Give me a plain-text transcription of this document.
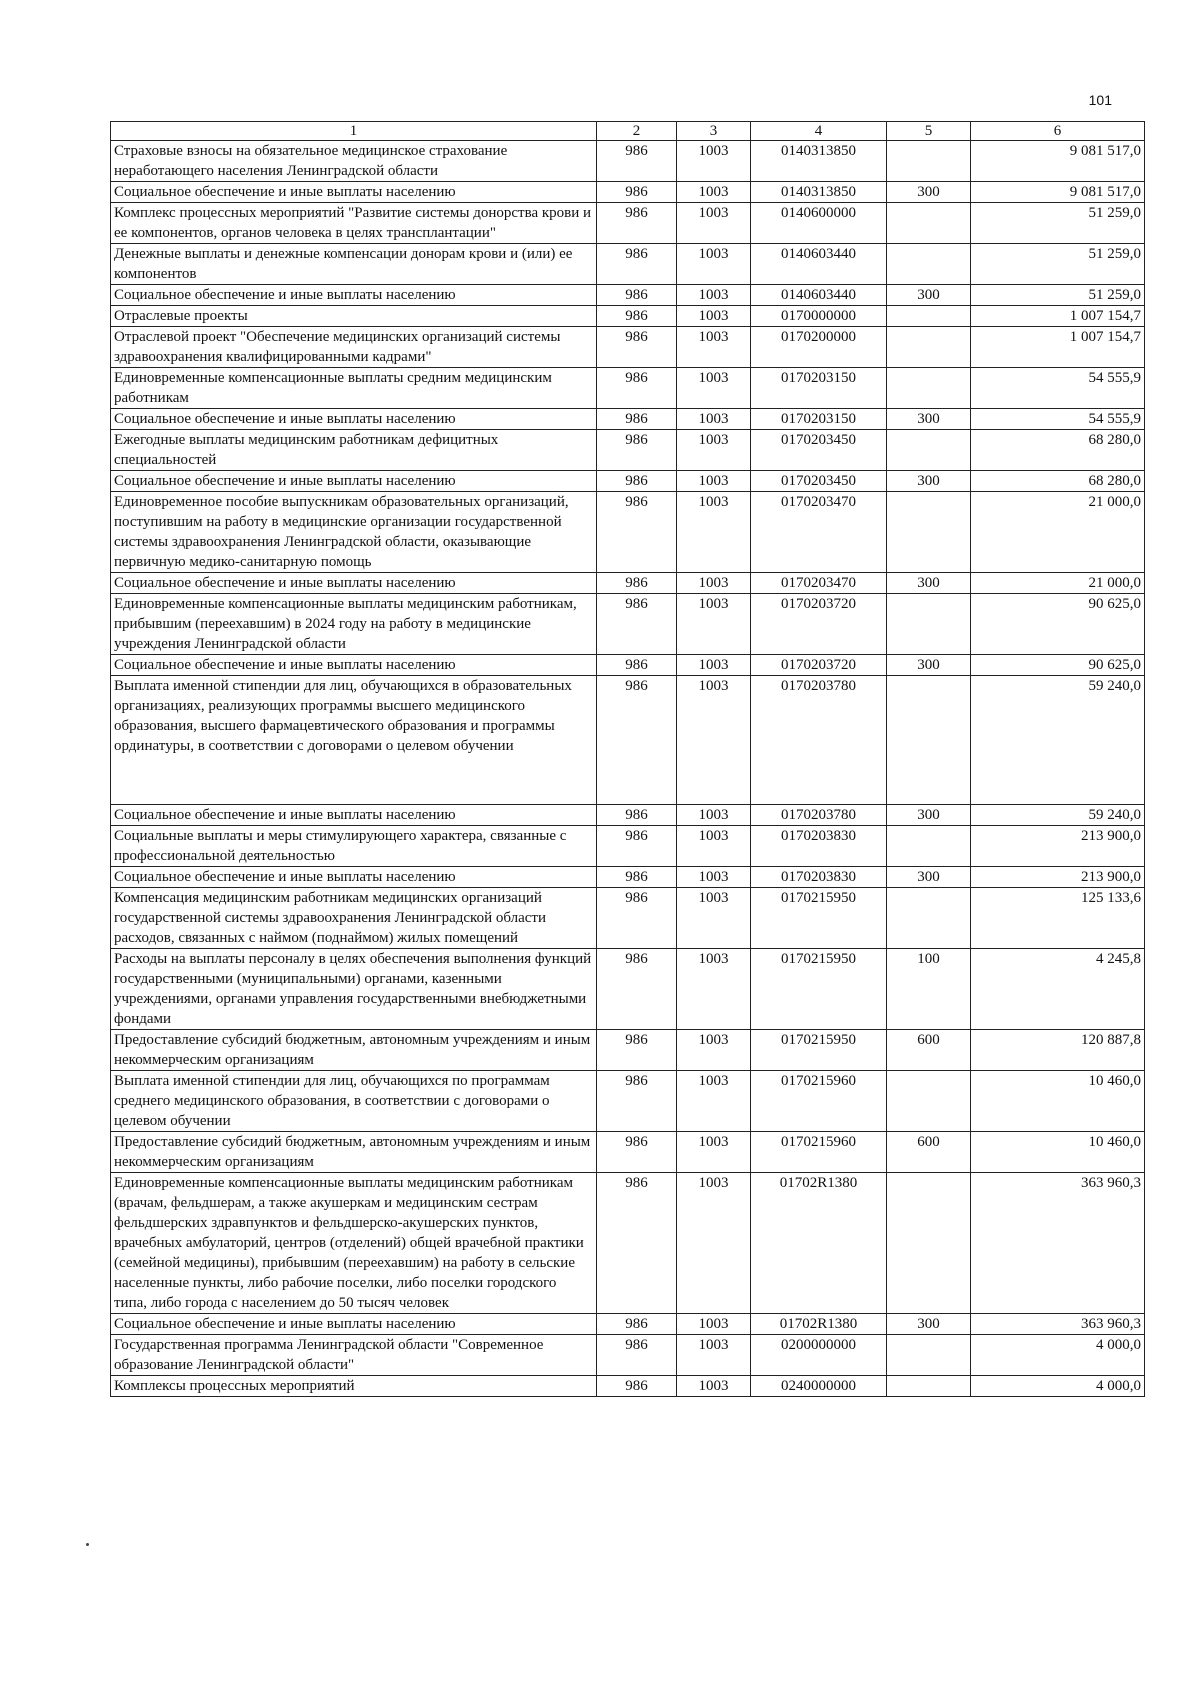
101
1	2	3	4	5	6
Страховые взносы на обязательное медицинское страхование неработающего населения Ленинградской области	986	1003	0140313850		9 081 517,0
Социальное обеспечение и иные выплаты населению	986	1003	0140313850	300	9 081 517,0
Комплекс процессных мероприятий "Развитие системы донорства крови и ее компонентов, органов человека в целях трансплантации"	986	1003	0140600000		51 259,0
Денежные выплаты и денежные компенсации донорам крови и (или) ее компонентов	986	1003	0140603440		51 259,0
Социальное обеспечение и иные выплаты населению	986	1003	0140603440	300	51 259,0
Отраслевые проекты	986	1003	0170000000		1 007 154,7
Отраслевой проект "Обеспечение медицинских организаций системы здравоохранения квалифицированными кадрами"	986	1003	0170200000		1 007 154,7
Единовременные компенсационные выплаты средним медицинским работникам	986	1003	0170203150		54 555,9
Социальное обеспечение и иные выплаты населению	986	1003	0170203150	300	54 555,9
Ежегодные выплаты медицинским работникам дефицитных специальностей	986	1003	0170203450		68 280,0
Социальное обеспечение и иные выплаты населению	986	1003	0170203450	300	68 280,0
Единовременное пособие выпускникам образовательных организаций, поступившим на работу в медицинские организации государственной системы здравоохранения Ленинградской области, оказывающие первичную медико-санитарную помощь	986	1003	0170203470		21 000,0
Социальное обеспечение и иные выплаты населению	986	1003	0170203470	300	21 000,0
Единовременные компенсационные выплаты медицинским работникам, прибывшим (переехавшим) в 2024 году на работу в медицинские учреждения Ленинградской области	986	1003	0170203720		90 625,0
Социальное обеспечение и иные выплаты населению	986	1003	0170203720	300	90 625,0
Выплата именной стипендии для лиц, обучающихся в образовательных организациях, реализующих программы высшего медицинского образования, высшего фармацевтического образования и программы ординатуры, в соответствии с договорами о целевом обучении	986	1003	0170203780		59 240,0
Социальное обеспечение и иные выплаты населению	986	1003	0170203780	300	59 240,0
Социальные выплаты и меры стимулирующего характера, связанные с профессиональной деятельностью	986	1003	0170203830		213 900,0
Социальное обеспечение и иные выплаты населению	986	1003	0170203830	300	213 900,0
Компенсация медицинским работникам медицинских организаций государственной системы здравоохранения Ленинградской области расходов, связанных с наймом (поднаймом) жилых помещений	986	1003	0170215950		125 133,6
Расходы на выплаты персоналу в целях обеспечения выполнения функций государственными (муниципальными) органами, казенными учреждениями, органами управления государственными внебюджетными фондами	986	1003	0170215950	100	4 245,8
Предоставление субсидий бюджетным, автономным учреждениям и иным некоммерческим организациям	986	1003	0170215950	600	120 887,8
Выплата именной стипендии для лиц, обучающихся по программам среднего медицинского образования, в соответствии с договорами о целевом обучении	986	1003	0170215960		10 460,0
Предоставление субсидий бюджетным, автономным учреждениям и иным некоммерческим организациям	986	1003	0170215960	600	10 460,0
Единовременные компенсационные выплаты медицинским работникам (врачам, фельдшерам, а также акушеркам и медицинским сестрам фельдшерских здравпунктов и фельдшерско-акушерских пунктов, врачебных амбулаторий, центров (отделений) общей врачебной практики (семейной медицины), прибывшим (переехавшим) на работу в сельские населенные пункты, либо рабочие поселки, либо поселки городского типа, либо города с населением до 50 тысяч человек	986	1003	01702R1380		363 960,3
Социальное обеспечение и иные выплаты населению	986	1003	01702R1380	300	363 960,3
Государственная программа Ленинградской области "Современное образование Ленинградской области"	986	1003	0200000000		4 000,0
Комплексы процессных мероприятий	986	1003	0240000000		4 000,0
